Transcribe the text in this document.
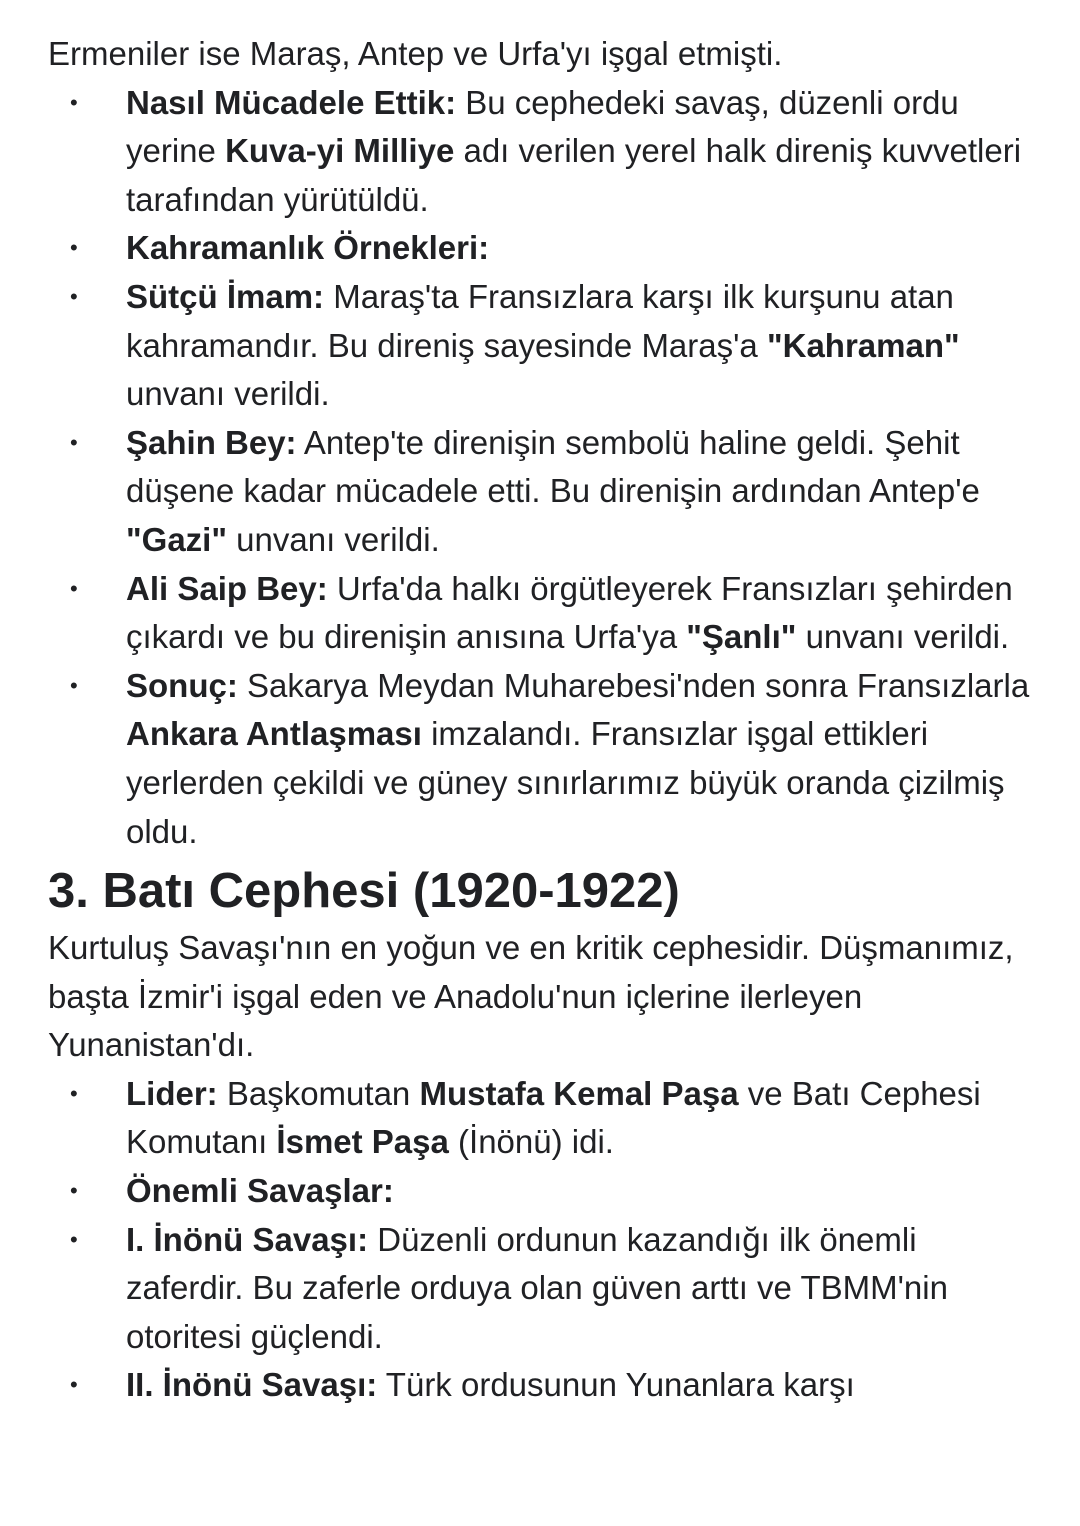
Ermeniler ise Maraş, Antep ve Urfa'yı işgal etmişti.

• Nasıl Mücadele Ettik: Bu cephedeki savaş, düzenli ordu yerine Kuva-yi Milliye adı verilen yerel halk direniş kuvvetleri tarafından yürütüldü.
• Kahramanlık Örnekleri:
• Sütçü İmam: Maraş'ta Fransızlara karşı ilk kurşunu atan kahramandır. Bu direniş sayesinde Maraş'a "Kahraman" unvanı verildi.
• Şahin Bey: Antep'te direnişin sembolü haline geldi. Şehit düşene kadar mücadele etti. Bu direnişin ardından Antep'e "Gazi" unvanı verildi.
• Ali Saip Bey: Urfa'da halkı örgütleyerek Fransızları şehirden çıkardı ve bu direnişin anısına Urfa'ya "Şanlı" unvanı verildi.
• Sonuç: Sakarya Meydan Muharebesi'nden sonra Fransızlarla Ankara Antlaşması imzalandı. Fransızlar işgal ettikleri yerlerden çekildi ve güney sınırlarımız büyük oranda çizilmiş oldu.
3. Batı Cephesi (1920-1922)

Kurtuluş Savaşı'nın en yoğun ve en kritik cephesidir. Düşmanımız, başta İzmir'i işgal eden ve Anadolu'nun içlerine ilerleyen Yunanistan'dı.

• Lider: Başkomutan Mustafa Kemal Paşa ve Batı Cephesi Komutanı İsmet Paşa (İnönü) idi.
• Önemli Savaşlar:
• I. İnönü Savaşı: Düzenli ordunun kazandığı ilk önemli zaferdir. Bu zaferle orduya olan güven arttı ve TBMM'nin otoritesi güçlendi.
• II. İnönü Savaşı: Türk ordusunun Yunanlara karşı
